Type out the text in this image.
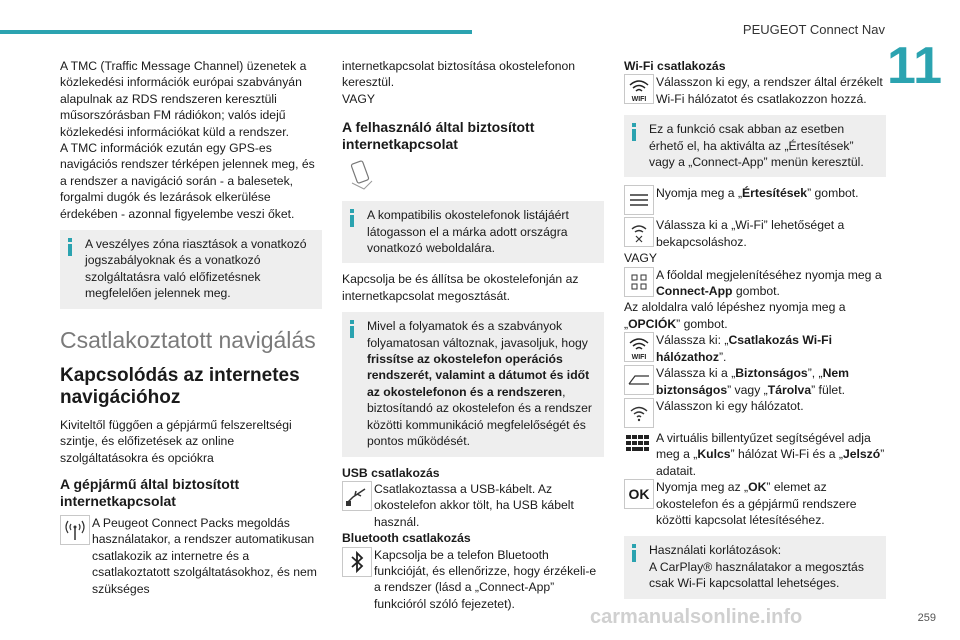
PEUGEOT Connect Nav
11
259
carmanualsonline.info

A TMC (Traffic Message Channel) üzenetek a közlekedési információk európai szabványán alapulnak az RDS rendszeren keresztüli műsorszórásban FM rádiókon; valós idejű közlekedési információkat küld a rendszer.

A TMC információk ezután egy GPS-es navigációs rendszer térképen jelennek meg, és a rendszer a navigáció során - a balesetek, forgalmi dugók és lezárások elkerülése érdekében - azonnal figyelembe veszi őket.

A veszélyes zóna riasztások a vonatkozó jogszabályoknak és a vonatkozó szolgáltatásra való előfizetésnek megfelelően jelennek meg.
Csatlakoztatott navigálás
Kapcsolódás az internetes navigációhoz

Kiviteltől függően a gépjármű felszereltségi szintje, és előfizetések az online szolgáltatásokra és opciókra

A gépjármű által biztosított internetkapcsolat
A Peugeot Connect Packs megoldás használatakor, a rendszer automatikusan csatlakozik az internetre és a csatlakoztatott szolgáltatásokhoz, és nem szükséges

internetkapcsolat biztosítása okostelefonon keresztül.

VAGY

A felhasználó által biztosított internetkapcsolat
A kompatibilis okostelefonok listájáért látogasson el a márka adott országra vonatkozó weboldalára.

Kapcsolja be és állítsa be okostelefonján az internetkapcsolat megosztását.

Mivel a folyamatok és a szabványok folyamatosan változnak, javasoljuk, hogy frissítse az okostelefon operációs rendszerét, valamint a dátumot és időt az okostelefonon és a rendszeren, biztosítandó az okostelefon és a rendszer közötti kommunikáció megfelelőségét és pontos működését.
USB csatlakozás
Csatlakoztassa a USB-kábelt. Az okostelefon akkor tölt, ha USB kábelt használ.
Bluetooth csatlakozás
Kapcsolja be a telefon Bluetooth funkcióját, és ellenőrizze, hogy érzékeli-e a rendszer (lásd a „Connect-App” funkcióról szóló fejezetet).
Wi-Fi csatlakozás
WIFI
Válasszon ki egy, a rendszer által érzékelt Wi-Fi hálózatot és csatlakozzon hozzá.
Ez a funkció csak abban az esetben érhető el, ha aktiválta az „Értesítések” vagy a „Connect-App” menün keresztül.
Nyomja meg a „Értesítések” gombot.
Válassza ki a „Wi-Fi” lehetőséget a bekapcsoláshoz.
VAGY
A főoldal megjelenítéséhez nyomja meg a Connect-App gombot.
Az aloldalra való lépéshez nyomja meg a „OPCIÓK” gombot.
WIFI
Válassza ki: „Csatlakozás Wi-Fi hálózathoz”.
Válassza ki a „Biztonságos”, „Nem biztonságos” vagy „Tárolva” fület.
Válasszon ki egy hálózatot.
A virtuális billentyűzet segítségével adja meg a „Kulcs” hálózat Wi-Fi és a „Jelszó” adatait.
OK Nyomja meg az „OK” elemet az okostelefon és a gépjármű rendszere közötti kapcsolat létesítéséhez.
Használati korlátozások:
A CarPlay® használatakor a megosztás csak Wi-Fi kapcsolattal lehetséges.
